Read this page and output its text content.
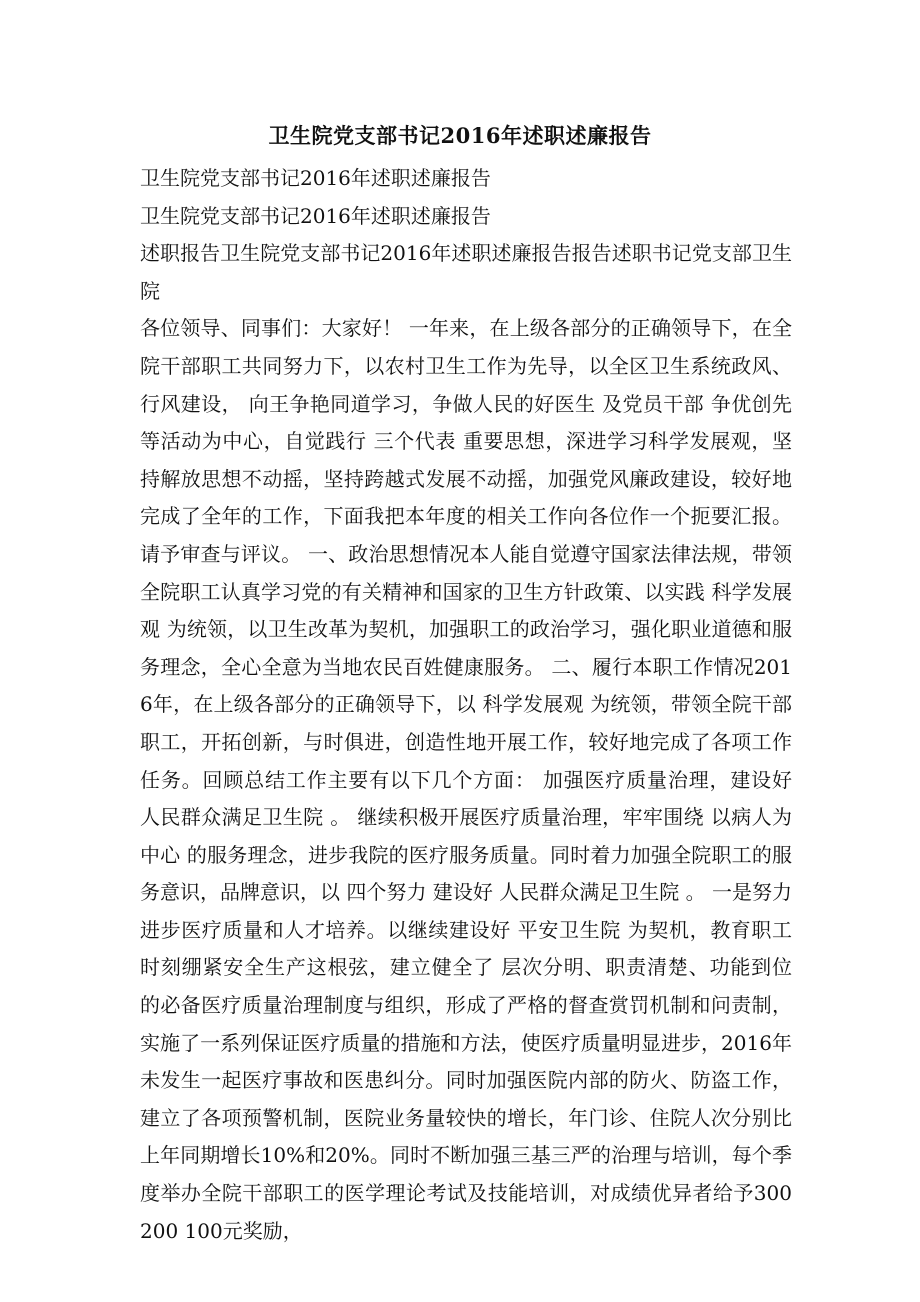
卫生院党支部书记2016年述职述廉报告

卫生院党支部书记2016年述职述廉报告

卫生院党支部书记2016年述职述廉报告

述职报告卫生院党支部书记2016年述职述廉报告报告述职书记党支部卫生院

各位领导、同事们：大家好！ 一年来，在上级各部分的正确领导下，在全院干部职工共同努力下，以农村卫生工作为先导，以全区卫生系统政风、行风建设， 向王争艳同道学习，争做人民的好医生 及党员干部 争优创先 等活动为中心，自觉践行 三个代表 重要思想，深进学习科学发展观，坚持解放思想不动摇，坚持跨越式发展不动摇，加强党风廉政建设，较好地完成了全年的工作，下面我把本年度的相关工作向各位作一个扼要汇报。请予审查与评议。 一、政治思想情况本人能自觉遵守国家法律法规，带领全院职工认真学习党的有关精神和国家的卫生方针政策、以实践 科学发展观 为统领，以卫生改革为契机，加强职工的政治学习，强化职业道德和服务理念，全心全意为当地农民百姓健康服务。 二、履行本职工作情况2016年，在上级各部分的正确领导下，以 科学发展观 为统领，带领全院干部职工，开拓创新，与时俱进，创造性地开展工作，较好地完成了各项工作任务。回顾总结工作主要有以下几个方面： 加强医疗质量治理，建设好 人民群众满足卫生院 。 继续积极开展医疗质量治理，牢牢围绕 以病人为中心 的服务理念，进步我院的医疗服务质量。同时着力加强全院职工的服务意识，品牌意识，以 四个努力 建设好 人民群众满足卫生院 。 一是努力进步医疗质量和人才培养。以继续建设好 平安卫生院 为契机，教育职工时刻绷紧安全生产这根弦，建立健全了 层次分明、职责清楚、功能到位 的必备医疗质量治理制度与组织，形成了严格的督查赏罚机制和问责制，实施了一系列保证医疗质量的措施和方法，使医疗质量明显进步，2016年未发生一起医疗事故和医患纠分。同时加强医院内部的防火、防盗工作，建立了各项预警机制，医院业务量较快的增长，年门诊、住院人次分别比上年同期增长10%和20%。同时不断加强三基三严的治理与培训，每个季度举办全院干部职工的医学理论考试及技能培训，对成绩优异者给予300 200 100元奖励，
